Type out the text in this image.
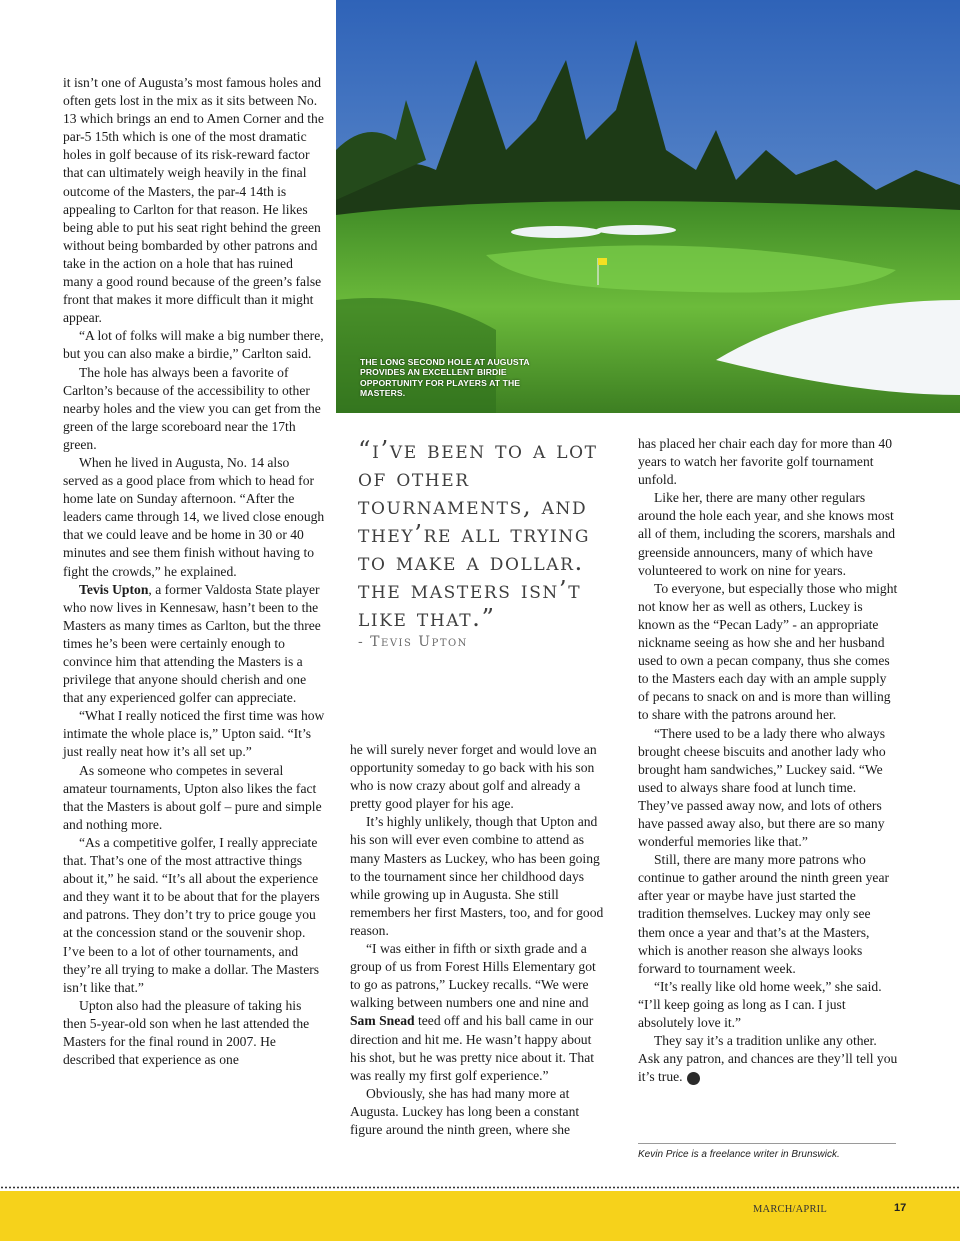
it isn’t one of Augusta’s most famous holes and often gets lost in the mix as it sits between No. 13 which brings an end to Amen Corner and the par-5 15th which is one of the most dramatic holes in golf because of its risk-reward factor that can ultimately weigh heavily in the final outcome of the Masters, the par-4 14th is appealing to Carlton for that reason. He likes being able to put his seat right behind the green without being bombarded by other patrons and take in the action on a hole that has ruined many a good round because of the green’s false front that makes it more difficult than it might appear.

“A lot of folks will make a big number there, but you can also make a birdie,” Carlton said.

The hole has always been a favorite of Carlton’s because of the accessibility to other nearby holes and the view you can get from the green of the large scoreboard near the 17th green.

When he lived in Augusta, No. 14 also served as a good place from which to head for home late on Sunday afternoon. “After the leaders came through 14, we lived close enough that we could leave and be home in 30 or 40 minutes and see them finish without having to fight the crowds,” he explained.

Tevis Upton, a former Valdosta State player who now lives in Kennesaw, hasn’t been to the Masters as many times as Carlton, but the three times he’s been were certainly enough to convince him that attending the Masters is a privilege that anyone should cherish and one that any experienced golfer can appreciate.

“What I really noticed the first time was how intimate the whole place is,” Upton said. “It’s just really neat how it’s all set up.”

As someone who competes in several amateur tournaments, Upton also likes the fact that the Masters is about golf – pure and simple and nothing more.

“As a competitive golfer, I really appreciate that. That’s one of the most attractive things about it,” he said. “It’s all about the experience and they want it to be about that for the players and patrons. They don’t try to price gouge you at the concession stand or the souvenir shop. I’ve been to a lot of other tournaments, and they’re all trying to make a dollar. The Masters isn’t like that.”

Upton also had the pleasure of taking his then 5-year-old son when he last attended the Masters for the final round in 2007. He described that experience as one

THE LONG SECOND HOLE AT AUGUSTA PROVIDES AN EXCELLENT BIRDIE OPPORTUNITY FOR PLAYERS AT THE MASTERS.

“i’ve been to a lot of other tournaments, and they’re all trying to make a dollar. the masters isn’t like that.”

- Tevis Upton

he will surely never forget and would love an opportunity someday to go back with his son who is now crazy about golf and already a pretty good player for his age.

It’s highly unlikely, though that Upton and his son will ever even combine to attend as many Masters as Luckey, who has been going to the tournament since her childhood days while growing up in Augusta. She still remembers her first Masters, too, and for good reason.

“I was either in fifth or sixth grade and a group of us from Forest Hills Elementary got to go as patrons,” Luckey recalls. “We were walking between numbers one and nine and Sam Snead teed off and his ball came in our direction and hit me. He wasn’t happy about his shot, but he was pretty nice about it. That was really my first golf experience.”

Obviously, she has had many more at Augusta. Luckey has long been a constant figure around the ninth green, where she

has placed her chair each day for more than 40 years to watch her favorite golf tournament unfold.

Like her, there are many other regulars around the hole each year, and she knows most all of them, including the scorers, marshals and greenside announcers, many of which have volunteered to work on nine for years.

To everyone, but especially those who might not know her as well as others, Luckey is known as the “Pecan Lady” - an appropriate nickname seeing as how she and her husband used to own a pecan company, thus she comes to the Masters each day with an ample supply of pecans to snack on and is more than willing to share with the patrons around her.

“There used to be a lady there who always brought cheese biscuits and another lady who brought ham sandwiches,” Luckey said. “We used to always share food at lunch time. They’ve passed away now, and lots of others have passed away also, but there are so many wonderful memories like that.”

Still, there are many more patrons who continue to gather around the ninth green year after year or maybe have just started the tradition themselves. Luckey may only see them once a year and that’s at the Masters, which is another reason she always looks forward to tournament week.

“It’s really like old home week,” she said. “I’ll keep going as long as I can. I just absolutely love it.”

They say it’s a tradition unlike any other. Ask any patron, and chances are they’ll tell you it’s true.	GD

Kevin Price is a freelance writer in Brunswick.
MARCH/APRIL	17
